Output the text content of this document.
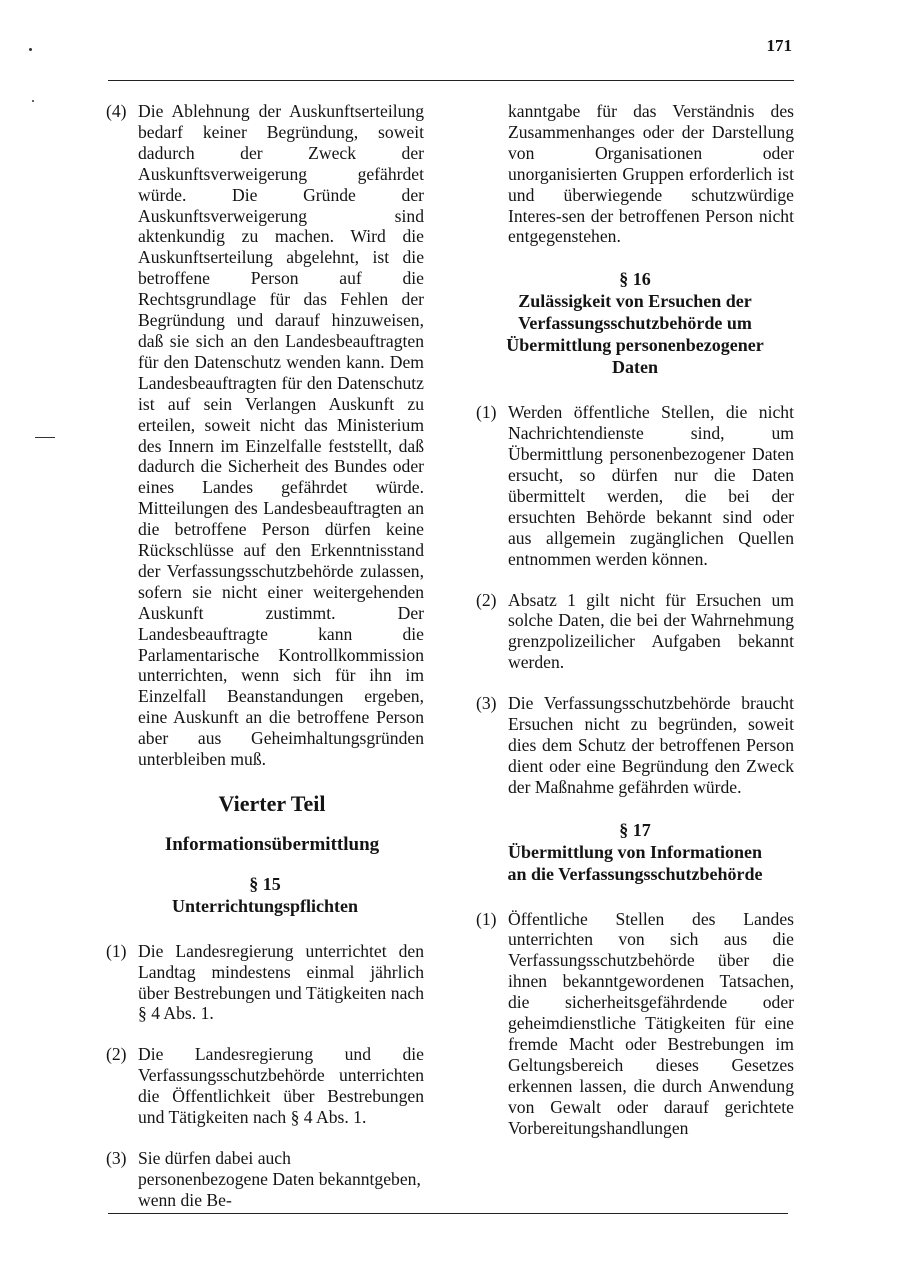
171
(4) Die Ablehnung der Auskunftserteilung bedarf keiner Begründung, soweit dadurch der Zweck der Auskunftsverweigerung gefährdet würde. Die Gründe der Auskunftsverweigerung sind aktenkundig zu machen. Wird die Auskunftserteilung abgelehnt, ist die betroffene Person auf die Rechtsgrundlage für das Fehlen der Begründung und darauf hinzuweisen, daß sie sich an den Landesbeauftragten für den Datenschutz wenden kann. Dem Landesbeauftragten für den Datenschutz ist auf sein Verlangen Auskunft zu erteilen, soweit nicht das Ministerium des Innern im Einzelfalle feststellt, daß dadurch die Sicherheit des Bundes oder eines Landes gefährdet würde. Mitteilungen des Landesbeauftragten an die betroffene Person dürfen keine Rückschlüsse auf den Erkenntnisstand der Verfassungsschutzbehörde zulassen, sofern sie nicht einer weitergehenden Auskunft zustimmt. Der Landesbeauftragte kann die Parlamentarische Kontrollkommission unterrichten, wenn sich für ihn im Einzelfall Beanstandungen ergeben, eine Auskunft an die betroffene Person aber aus Geheimhaltungsgründen unterbleiben muß.
Vierter Teil
Informationsübermittlung
§ 15
Unterrichtungspflichten
(1) Die Landesregierung unterrichtet den Landtag mindestens einmal jährlich über Bestrebungen und Tätigkeiten nach § 4 Abs. 1.
(2) Die Landesregierung und die Verfassungsschutzbehörde unterrichten die Öffentlichkeit über Bestrebungen und Tätigkeiten nach § 4 Abs. 1.
(3) Sie dürfen dabei auch personenbezogene Daten bekanntgeben, wenn die Be-

kanntgabe für das Verständnis des Zusammenhanges oder der Darstellung von Organisationen oder unorganisierten Gruppen erforderlich ist und überwiegende schutzwürdige Interes-sen der betroffenen Person nicht entgegenstehen.

§ 16
Zulässigkeit von Ersuchen der Verfassungsschutzbehörde um Übermittlung personenbezogener Daten
(1) Werden öffentliche Stellen, die nicht Nachrichtendienste sind, um Übermittlung personenbezogener Daten ersucht, so dürfen nur die Daten übermittelt werden, die bei der ersuchten Behörde bekannt sind oder aus allgemein zugänglichen Quellen entnommen werden können.
(2) Absatz 1 gilt nicht für Ersuchen um solche Daten, die bei der Wahrnehmung grenzpolizeilicher Aufgaben bekannt werden.
(3) Die Verfassungsschutzbehörde braucht Ersuchen nicht zu begründen, soweit dies dem Schutz der betroffenen Person dient oder eine Begründung den Zweck der Maßnahme gefährden würde.
§ 17
Übermittlung von Informationen
an die Verfassungsschutzbehörde
(1) Öffentliche Stellen des Landes unterrichten von sich aus die Verfassungsschutzbehörde über die ihnen bekanntgewordenen Tatsachen, die sicherheitsgefährdende oder geheimdienstliche Tätigkeiten für eine fremde Macht oder Bestrebungen im Geltungsbereich dieses Gesetzes erkennen lassen, die durch Anwendung von Gewalt oder darauf gerichtete Vorbereitungshandlungen
